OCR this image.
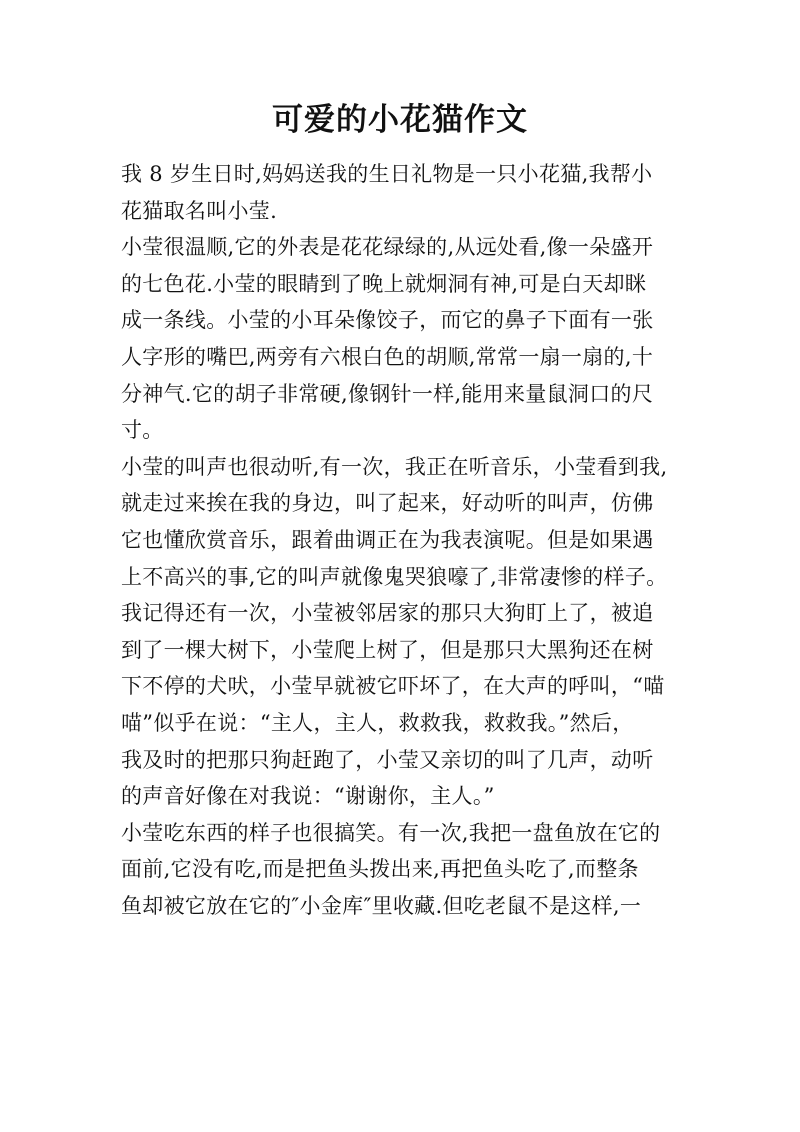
可爱的小花猫作文
我 8 岁生日时,妈妈送我的生日礼物是一只小花猫,我帮小
花猫取名叫小莹.
小莹很温顺,它的外表是花花绿绿的,从远处看,像一朵盛开
的七色花.小莹的眼睛到了晚上就炯洞有神,可是白天却眯
成一条线。小莹的小耳朵像饺子，而它的鼻子下面有一张
人字形的嘴巴,两旁有六根白色的胡顺,常常一扇一扇的,十
分神气.它的胡子非常硬,像钢针一样,能用来量鼠洞口的尺
寸。
小莹的叫声也很动听,有一次，我正在听音乐，小莹看到我,
就走过来挨在我的身边，叫了起来，好动听的叫声，仿佛
它也懂欣赏音乐，跟着曲调正在为我表演呢。但是如果遇
上不高兴的事,它的叫声就像鬼哭狼嚎了,非常凄惨的样子。
我记得还有一次，小莹被邻居家的那只大狗盯上了，被追
到了一棵大树下，小莹爬上树了，但是那只大黑狗还在树
下不停的犬吠，小莹早就被它吓坏了，在大声的呼叫，“喵
喵”似乎在说：“主人，主人，救救我，救救我。”然后，
我及时的把那只狗赶跑了，小莹又亲切的叫了几声，动听
的声音好像在对我说：“谢谢你，主人。”
小莹吃东西的样子也很搞笑。有一次,我把一盘鱼放在它的
面前,它没有吃,而是把鱼头拨出来,再把鱼头吃了,而整条
鱼却被它放在它的″小金库″里收藏.但吃老鼠不是这样,一
